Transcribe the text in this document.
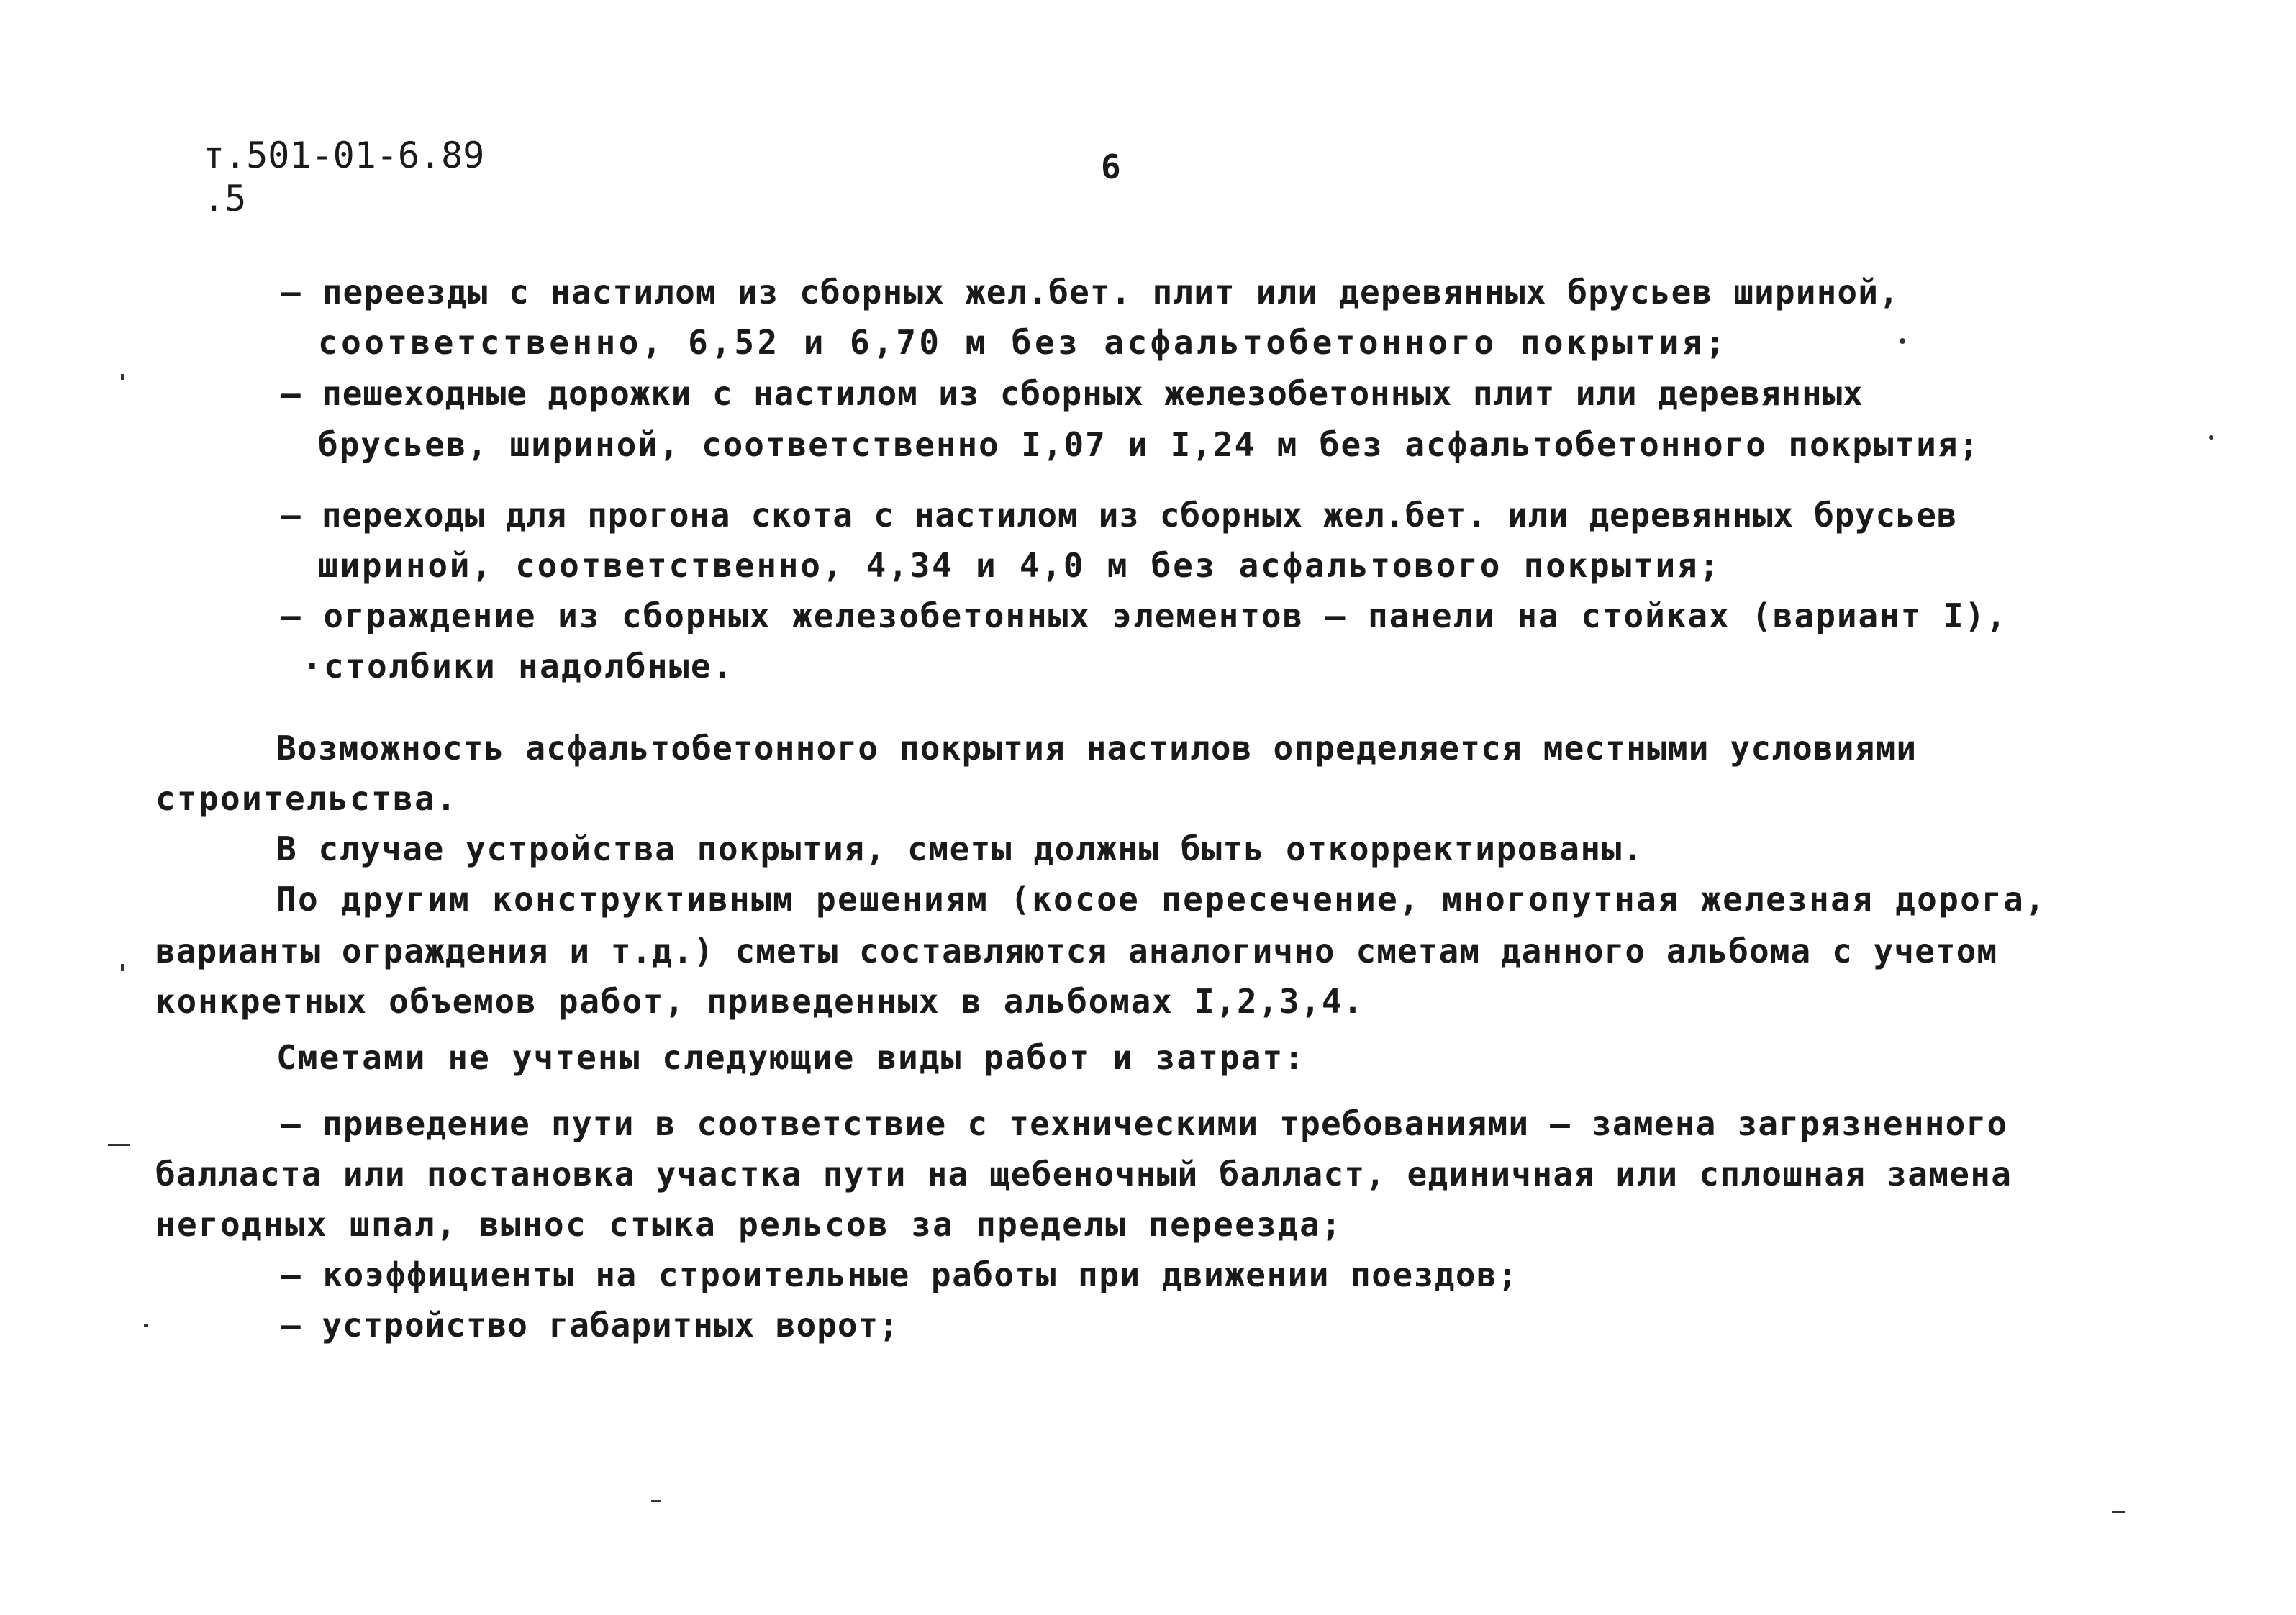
т.501-01-6.89
.5
6
– переезды с настилом из сборных жел.бет. плит или деревянных брусьев шириной,
соответственно, 6,52 и 6,70 м без асфальтобетонного покрытия;
– пешеходные дорожки с настилом из сборных железобетонных плит или деревянных
брусьев, шириной, соответственно I,07 и I,24 м без асфальтобетонного покрытия;
– переходы для прогона скота с настилом из сборных жел.бет. или деревянных брусьев
шириной, соответственно, 4,34 и 4,0 м без асфальтового покрытия;
– ограждение из сборных железобетонных элементов – панели на стойках (вариант I),
·столбики надолбные.
Возможность асфальтобетонного покрытия настилов определяется местными условиями
строительства.
В случае устройства покрытия, сметы должны быть откорректированы.
По другим конструктивным решениям (косое пересечение, многопутная железная дорога,
варианты ограждения и т.д.) сметы составляются аналогично сметам данного альбома с учетом
конкретных объемов работ, приведенных в альбомах I,2,3,4.
Сметами не учтены следующие виды работ и затрат:
– приведение пути в соответствие с техническими требованиями – замена загрязненного
балласта или постановка участка пути на щебеночный балласт, единичная или сплошная замена
негодных шпал, вынос стыка рельсов за пределы переезда;
– коэффициенты на строительные работы при движении поездов;
– устройство габаритных ворот;
